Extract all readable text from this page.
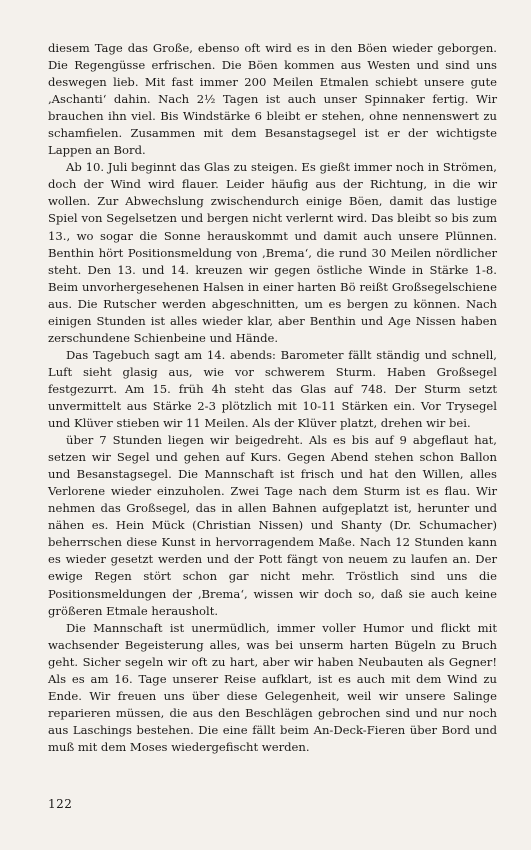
diesem Tage das Große, ebenso oft wird es in den Böen wieder geborgen. Die Regengüsse erfrischen. Die Böen kommen aus Westen und sind uns deswegen lieb. Mit fast immer 200 Meilen Etmalen schiebt unsere gute ‚Aschanti‘ dahin. Nach 2½ Tagen ist auch unser Spinnaker fertig. Wir brauchen ihn viel. Bis Windstärke 6 bleibt er stehen, ohne nennenswert zu schamfielen. Zusammen mit dem Besanstagsegel ist er der wichtigste Lappen an Bord.

Ab 10. Juli beginnt das Glas zu steigen. Es gießt immer noch in Strömen, doch der Wind wird flauer. Leider häufig aus der Richtung, in die wir wollen. Zur Abwechslung zwischendurch einige Böen, damit das lustige Spiel von Segelsetzen und bergen nicht verlernt wird. Das bleibt so bis zum 13., wo sogar die Sonne herauskommt und damit auch unsere Plünnen. Benthin hört Positionsmeldung von ‚Brema‘, die rund 30 Meilen nördlicher steht. Den 13. und 14. kreuzen wir gegen östliche Winde in Stärke 1-8. Beim unvorhergesehenen Halsen in einer harten Bö reißt Großsegelschiene aus. Die Rutscher werden abgeschnitten, um es bergen zu können. Nach einigen Stunden ist alles wieder klar, aber Benthin und Age Nissen haben zerschundene Schienbeine und Hände.

Das Tagebuch sagt am 14. abends: Barometer fällt ständig und schnell, Luft sieht glasig aus, wie vor schwerem Sturm. Haben Großsegel festgezurrt. Am 15. früh 4h steht das Glas auf 748. Der Sturm setzt unvermittelt aus Stärke 2-3 plötzlich mit 10-11 Stärken ein. Vor Trysegel und Klüver stieben wir 11 Meilen. Als der Klüver platzt, drehen wir bei.

über 7 Stunden liegen wir beigedreht. Als es bis auf 9 abgeflaut hat, setzen wir Segel und gehen auf Kurs. Gegen Abend stehen schon Ballon und Besanstagsegel. Die Mannschaft ist frisch und hat den Willen, alles Verlorene wieder einzuholen. Zwei Tage nach dem Sturm ist es flau. Wir nehmen das Großsegel, das in allen Bahnen aufgeplatzt ist, herunter und nähen es. Hein Mück (Christian Nissen) und Shanty (Dr. Schumacher) beherrschen diese Kunst in hervorragendem Maße. Nach 12 Stunden kann es wieder gesetzt werden und der Pott fängt von neuem zu laufen an. Der ewige Regen stört schon gar nicht mehr. Tröstlich sind uns die Positionsmeldungen der ‚Brema‘, wissen wir doch so, daß sie auch keine größeren Etmale herausholt.

Die Mannschaft ist unermüdlich, immer voller Humor und flickt mit wachsender Begeisterung alles, was bei unserm harten Bügeln zu Bruch geht. Sicher segeln wir oft zu hart, aber wir haben Neubauten als Gegner! Als es am 16. Tage unserer Reise aufklart, ist es auch mit dem Wind zu Ende. Wir freuen uns über diese Gelegenheit, weil wir unsere Salinge reparieren müssen, die aus den Beschlägen gebrochen sind und nur noch aus Laschings bestehen. Die eine fällt beim An-Deck-Fieren über Bord und muß mit dem Moses wiedergefischt werden.

122
